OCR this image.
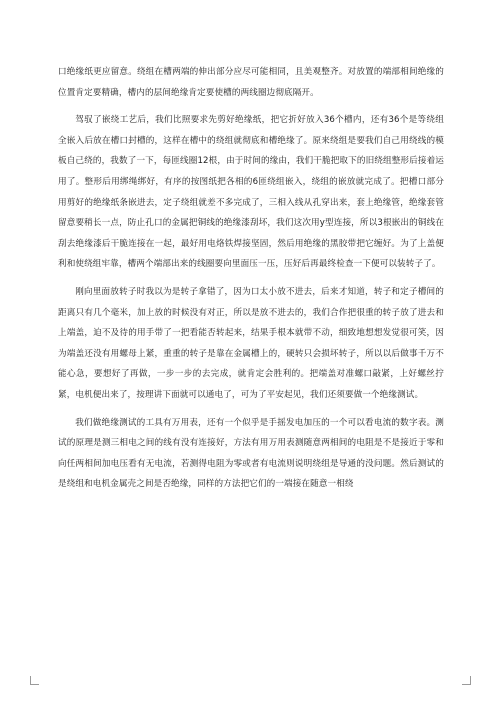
口绝缘纸更应留意。绕组在槽两端的伸出部分应尽可能相同，且美观整齐。对放置的端部相间绝缘的位置肯定要精确，槽内的层间绝缘肯定要使槽的两线圈边彻底隔开。

驾驭了嵌绕工艺后，我们比照要求先剪好绝缘纸，把它折好放入36个槽内，还有36个是等绕组全嵌入后放在槽口封槽的，这样在槽中的绕组就彻底和槽绝缘了。原来绕组是要我们自己用绕线的模板自己绕的，我数了一下，每匝线圈12根，由于时间的缘由，我们干脆把取下的旧绕组整形后接着运用了。整形后用绑绳绑好，有序的按图纸把各相的6匝绕组嵌入，绕组的嵌放就完成了。把槽口部分用剪好的绝缘纸条嵌进去，定子绕组就差不多完成了，三相入线从孔穿出来，套上绝缘管，绝缘套管留意要稍长一点，防止孔口的金属把铜线的绝缘漆刮坏，我们这次用y型连接，所以3根嵌出的铜线在刮去绝缘漆后干脆连接在一起，最好用电烙铁焊接坚固，然后用绝缘的黑胶带把它缠好。为了上盖便利和使绕组牢靠，槽两个端部出来的线圈要向里面压一压，压好后再最终检查一下便可以装转子了。

刚向里面放转子时我以为是转子拿错了，因为口太小放不进去，后来才知道，转子和定子槽间的距离只有几个毫米，加上放的时候没有对正，所以是放不进去的，我们合作把很重的转子放了进去和上端盖，迫不及待的用手带了一把看能否转起来，结果手根本就带不动，细致地想想发觉很可笑，因为端盖还没有用螺母上紧，重重的转子是靠在金属槽上的，硬转只会损坏转子，所以以后做事千万不能心急，要想好了再做，一步一步的去完成，就肯定会胜利的。把端盖对准螺口敲紧，上好螺丝拧紧，电机便出来了，按理讲下面就可以通电了，可为了平安起见，我们还须要做一个绝缘测试。

我们做绝缘测试的工具有万用表，还有一个似乎是手摇发电加压的一个可以看电流的数字表。测试的原理是测三相电之间的线有没有连接好，方法有用万用表测随意两相间的电阻是不是接近于零和向任两相间加电压看有无电流，若测得电阻为零或者有电流则说明绕组是导通的没问题。然后测试的是绕组和电机金属壳之间是否绝缘，同样的方法把它们的一端接在随意一相绕
